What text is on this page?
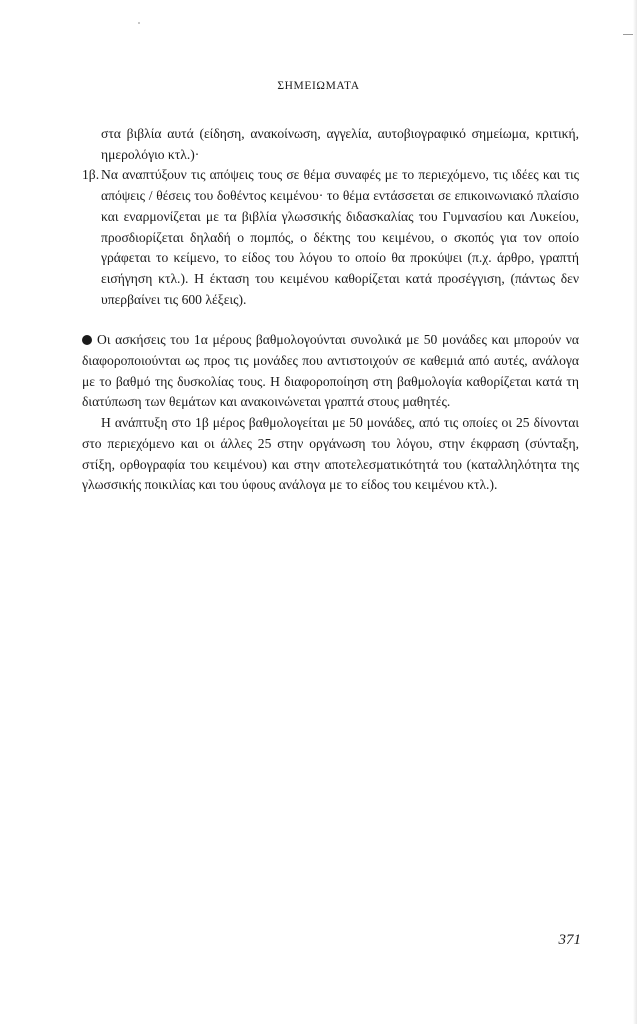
ΣΗΜΕΙΩΜΑΤΑ

στα βιβλία αυτά (είδηση, ανακοίνωση, αγγελία, αυτοβιογραφικό σημείωμα, κριτική, ημερολόγιο κτλ.)·

1β. Να αναπτύξουν τις απόψεις τους σε θέμα συναφές με το περιεχόμενο, τις ιδέες και τις απόψεις / θέσεις του δοθέντος κειμένου· το θέμα εντάσσεται σε επικοινωνιακό πλαίσιο και εναρμονίζεται με τα βιβλία γλωσσικής διδασκαλίας του Γυμνασίου και Λυκείου, προσδιορίζεται δηλαδή ο πομπός, ο δέκτης του κειμένου, ο σκοπός για τον οποίο γράφεται το κείμενο, το είδος του λόγου το οποίο θα προκύψει (π.χ. άρθρο, γραπτή εισήγηση κτλ.). Η έκταση του κειμένου καθορίζεται κατά προσέγγιση, (πάντως δεν υπερβαίνει τις 600 λέξεις).

Οι ασκήσεις του 1α μέρους βαθμολογούνται συνολικά με 50 μονάδες και μπορούν να διαφοροποιούνται ως προς τις μονάδες που αντιστοιχούν σε καθεμιά από αυτές, ανάλογα με το βαθμό της δυσκολίας τους. Η διαφοροποίηση στη βαθμολογία καθορίζεται κατά τη διατύπωση των θεμάτων και ανακοινώνεται γραπτά στους μαθητές.

Η ανάπτυξη στο 1β μέρος βαθμολογείται με 50 μονάδες, από τις οποίες οι 25 δίνονται στο περιεχόμενο και οι άλλες 25 στην οργάνωση του λόγου, στην έκφραση (σύνταξη, στίξη, ορθογραφία του κειμένου) και στην αποτελεσματικότητά του (καταλληλότητα της γλωσσικής ποικιλίας και του ύφους ανάλογα με το είδος του κειμένου κτλ.).

371
